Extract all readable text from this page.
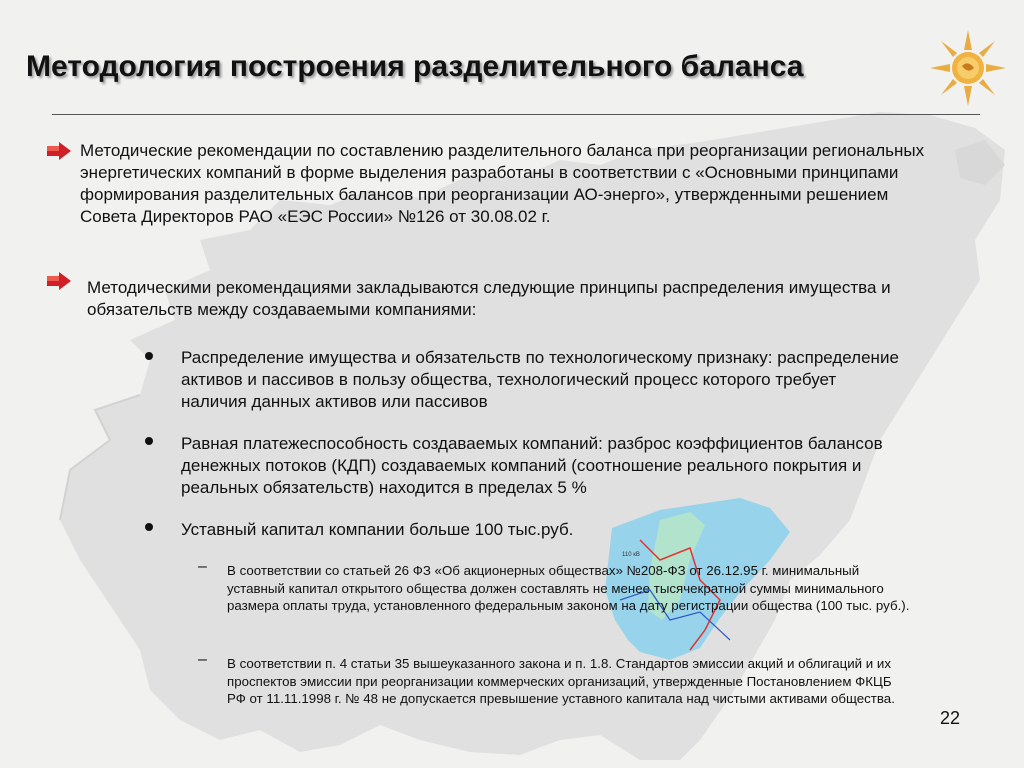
110 кВ
Методология построения разделительного баланса

Методические рекомендации по составлению разделительного баланса при реорганизации региональных энергетических компаний в форме выделения разработаны в соответствии с «Основными принципами формирования разделительных балансов при реорганизации АО-энерго», утвержденными решением Совета Директоров РАО «ЕЭС России» №126 от 30.08.02 г.

Методическими рекомендациями закладываются следующие принципы распределения имущества и обязательств между создаваемыми компаниями:

Распределение имущества и обязательств по технологическому признаку: распределение активов и пассивов в пользу общества, технологический процесс которого требует наличия данных активов или пассивов

Равная платежеспособность создаваемых компаний: разброс коэффициентов балансов денежных потоков (КДП) создаваемых компаний (соотношение реального покрытия и реальных обязательств) находится в пределах 5 %

Уставный капитал компании больше 100 тыс.руб.

– В соответствии со статьей 26 ФЗ «Об акционерных обществах» №208-ФЗ от 26.12.95 г. минимальный уставный капитал открытого общества должен составлять не менее тысячекратной суммы минимального размера оплаты труда, установленного федеральным законом на дату регистрации общества (100 тыс. руб.).

– В соответствии п. 4 статьи 35 вышеуказанного закона и п. 1.8. Стандартов эмиссии акций и облигаций и их проспектов эмиссии при реорганизации коммерческих организаций, утвержденные Постановлением ФКЦБ РФ от 11.11.1998 г. № 48 не допускается превышение уставного капитала над чистыми активами общества.

22
